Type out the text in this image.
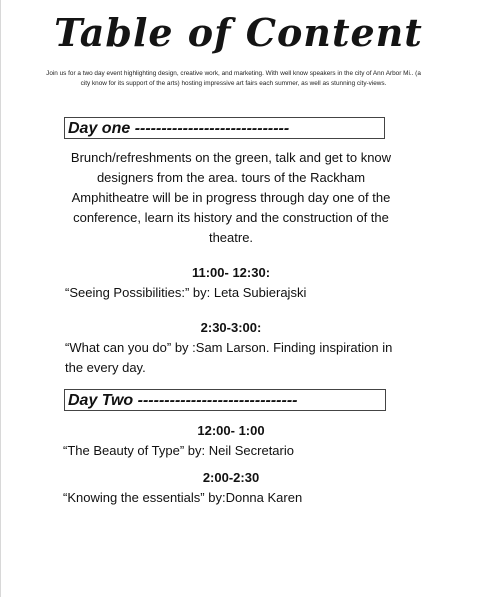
Table of Content
Join us for a two day event highlighting design, creative work, and marketing. With well know speakers in the city of Ann Arbor Mi.. (a city know for its support of the arts) hosting impressive art fairs each summer, as well as stunning city-views.
Day one -----------------------------
Brunch/refreshments on the green, talk and get to know designers from the area. tours of the Rackham Amphitheatre will be in progress through day one of the conference, learn its history and the construction of the theatre.
11:00- 12:30:
“Seeing Possibilities:” by: Leta Subierajski
2:30-3:00:
“What can you do” by :Sam Larson. Finding inspiration in the every day.
Day Two ------------------------------
12:00- 1:00
“The Beauty of Type” by: Neil Secretario
2:00-2:30
“Knowing the essentials” by:Donna Karen
